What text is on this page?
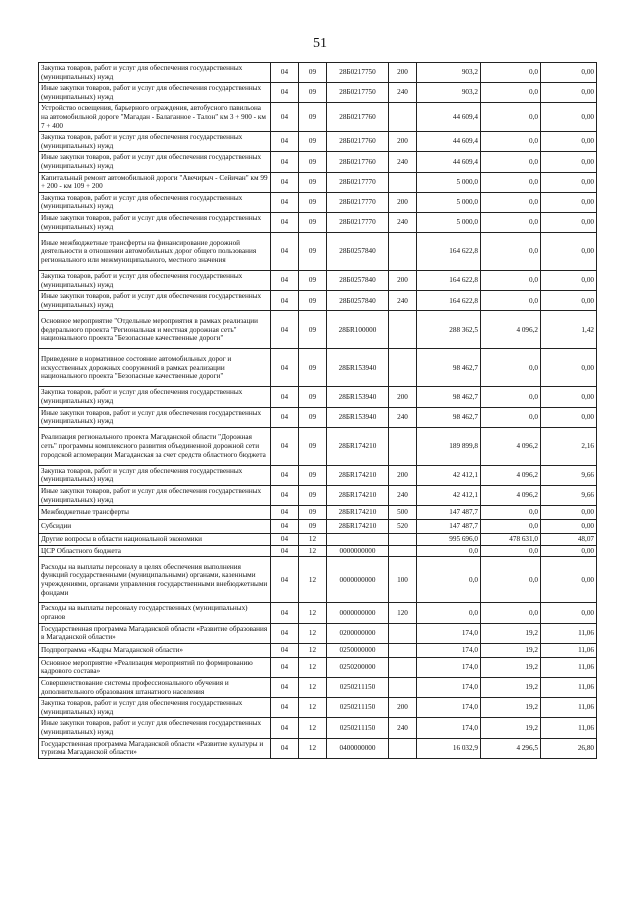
51
Закупка товаров, работ и услуг для обеспечения государственных (муниципальных) нужд	04	09	28Б0217750	200	903,2	0,0	0,00
Иные закупки товаров, работ и услуг для обеспечения государственных (муниципальных) нужд	04	09	28Б0217750	240	903,2	0,0	0,00
Устройство освещения, барьерного ограждения, автобусного павильона на автомобильной дороге "Магадан - Балаганное - Талон" км 3 + 900 - км 7 + 400	04	09	28Б0217760		44 609,4	0,0	0,00
Закупка товаров, работ и услуг для обеспечения государственных (муниципальных) нужд	04	09	28Б0217760	200	44 609,4	0,0	0,00
Иные закупки товаров, работ и услуг для обеспечения государственных (муниципальных) нужд	04	09	28Б0217760	240	44 609,4	0,0	0,00
Капитальный ремонт автомобильной дороги "Авечирыч - Сейичан" км 99 + 200 - км 109 + 200	04	09	28Б0217770		5 000,0	0,0	0,00
Закупка товаров, работ и услуг для обеспечения государственных (муниципальных) нужд	04	09	28Б0217770	200	5 000,0	0,0	0,00
Иные закупки товаров, работ и услуг для обеспечения государственных (муниципальных) нужд	04	09	28Б0217770	240	5 000,0	0,0	0,00
Иные межбюджетные трансферты на финансирование дорожной деятельности в отношении автомобильных дорог общего пользования регионального или межмуниципального, местного значения	04	09	28Б0257840		164 622,8	0,0	0,00
Закупка товаров, работ и услуг для обеспечения государственных (муниципальных) нужд	04	09	28Б0257840	200	164 622,8	0,0	0,00
Иные закупки товаров, работ и услуг для обеспечения государственных (муниципальных) нужд	04	09	28Б0257840	240	164 622,8	0,0	0,00
Основное мероприятие "Отдельные мероприятия в рамках реализации федерального проекта "Региональная и местная дорожная сеть" национального проекта "Безопасные качественные дороги"	04	09	28БR100000		288 362,5	4 096,2	1,42
Приведение в нормативное состояние автомобильных дорог и искусственных дорожных сооружений в рамках реализации национального проекта "Безопасные качественные дороги"	04	09	28БR153940		98 462,7	0,0	0,00
Закупка товаров, работ и услуг для обеспечения государственных (муниципальных) нужд	04	09	28БR153940	200	98 462,7	0,0	0,00
Иные закупки товаров, работ и услуг для обеспечения государственных (муниципальных) нужд	04	09	28БR153940	240	98 462,7	0,0	0,00
Реализация регионального проекта Магаданской области "Дорожная сеть" программы комплексного развития объединенной дорожной сети городской агломерации Магаданская за счет средств областного бюджета	04	09	28БR174210		189 899,8	4 096,2	2,16
Закупка товаров, работ и услуг для обеспечения государственных (муниципальных) нужд	04	09	28БR174210	200	42 412,1	4 096,2	9,66
Иные закупки товаров, работ и услуг для обеспечения государственных (муниципальных) нужд	04	09	28БR174210	240	42 412,1	4 096,2	9,66
Межбюджетные трансферты	04	09	28БR174210	500	147 487,7	0,0	0,00
Субсидии	04	09	28БR174210	520	147 487,7	0,0	0,00
Другие вопросы в области национальной экономики	04	12			995 696,0	478 631,0	48,07
ЦСР Областного бюджета	04	12	0000000000		0,0	0,0	0,00
Расходы на выплаты персоналу в целях обеспечения выполнения функций государственными (муниципальными) органами, казенными учреждениями, органами управления государственными внебюджетными фондами	04	12	0000000000	100	0,0	0,0	0,00
Расходы на выплаты персоналу государственных (муниципальных) органов	04	12	0000000000	120	0,0	0,0	0,00
Государственная программа Магаданской области «Развитие образования в Магаданской области»	04	12	0200000000		174,0	19,2	11,06
Подпрограмма «Кадры Магаданской области»	04	12	0250000000		174,0	19,2	11,06
Основное мероприятие «Реализация мероприятий по формированию кадрового состава»	04	12	0250200000		174,0	19,2	11,06
Совершенствование системы профессионального обучения и дополнительного образования штанатного населения	04	12	0250211150		174,0	19,2	11,06
Закупка товаров, работ и услуг для обеспечения государственных (муниципальных) нужд	04	12	0250211150	200	174,0	19,2	11,06
Иные закупки товаров, работ и услуг для обеспечения государственных (муниципальных) нужд	04	12	0250211150	240	174,0	19,2	11,06
Государственная программа Магаданской области «Развитие культуры и туризма Магаданской области»	04	12	0400000000		16 032,9	4 296,5	26,80
